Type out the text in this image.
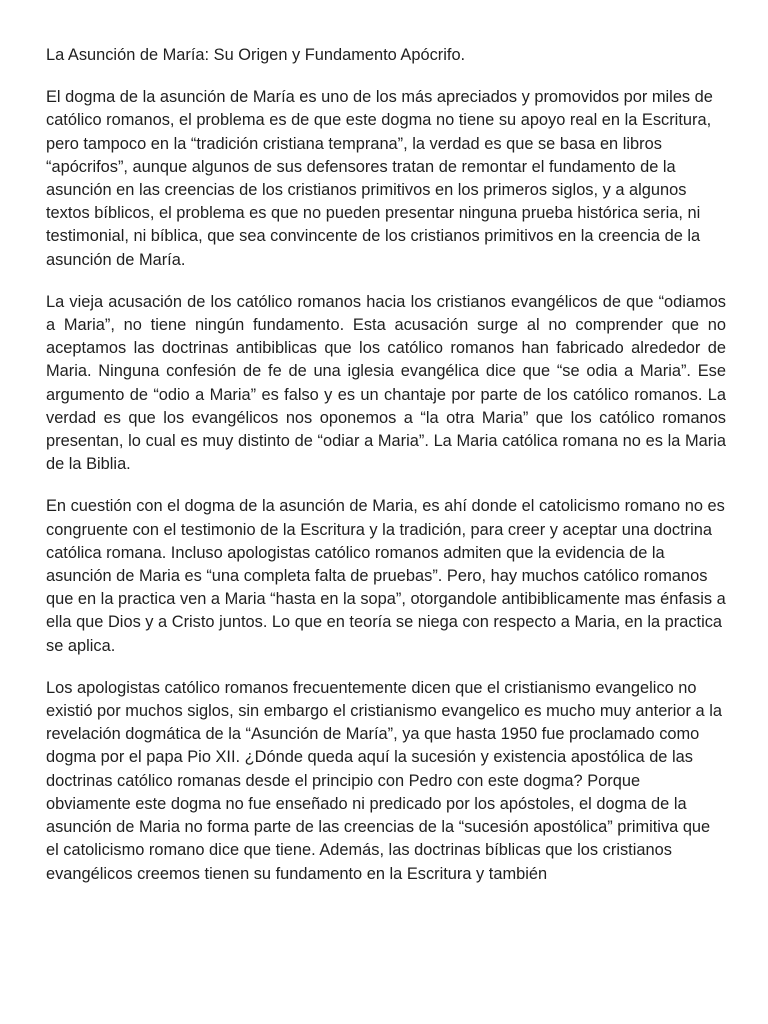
La Asunción de María: Su Origen y Fundamento Apócrifo.

El dogma de la asunción de María es uno de los más apreciados y promovidos por miles de católico romanos, el problema es de que este dogma no tiene su apoyo real en la Escritura, pero tampoco en la “tradición cristiana temprana”, la verdad es que se basa en libros “apócrifos”, aunque algunos de sus defensores tratan de remontar el fundamento de la asunción en las creencias de los cristianos primitivos en los primeros siglos, y a algunos textos bíblicos, el problema es que no pueden presentar ninguna prueba histórica seria, ni testimonial, ni bíblica, que sea convincente de los cristianos primitivos en la creencia de la asunción de María.

La vieja acusación de los católico romanos hacia los cristianos evangélicos de que “odiamos a Maria”, no tiene ningún fundamento. Esta acusación surge al no comprender que no aceptamos las doctrinas antibiblicas que los católico romanos han fabricado alrededor de Maria. Ninguna confesión de fe de una iglesia evangélica dice que “se odia a Maria”. Ese argumento de “odio a Maria” es falso y es un chantaje por parte de los católico romanos. La verdad es que los evangélicos nos oponemos a “la otra Maria” que los católico romanos presentan, lo cual es muy distinto de “odiar a Maria”. La Maria católica romana no es la Maria de la Biblia.

En cuestión con el dogma de la asunción de Maria, es ahí donde el catolicismo romano no es congruente con el testimonio de la Escritura y la tradición, para creer y aceptar una doctrina católica romana. Incluso apologistas católico romanos admiten que la evidencia de la asunción de Maria es “una completa falta de pruebas”. Pero, hay muchos católico romanos que en la practica ven a Maria “hasta en la sopa”, otorgandole antibiblicamente mas énfasis a ella que Dios y a Cristo juntos. Lo que en teoría se niega con respecto a Maria, en la practica se aplica.

Los apologistas católico romanos frecuentemente dicen que el cristianismo evangelico no existió por muchos siglos, sin embargo el cristianismo evangelico es mucho muy anterior a la revelación dogmática de la “Asunción de María”, ya que hasta 1950 fue proclamado como dogma por el papa Pio XII. ¿Dónde queda aquí la sucesión y existencia apostólica de las doctrinas católico romanas desde el principio con Pedro con este dogma? Porque obviamente este dogma no fue enseñado ni predicado por los apóstoles, el dogma de la asunción de Maria no forma parte de las creencias de la “sucesión apostólica” primitiva que el catolicismo romano dice que tiene. Además, las doctrinas bíblicas que los cristianos evangélicos creemos tienen su fundamento en la Escritura y también
